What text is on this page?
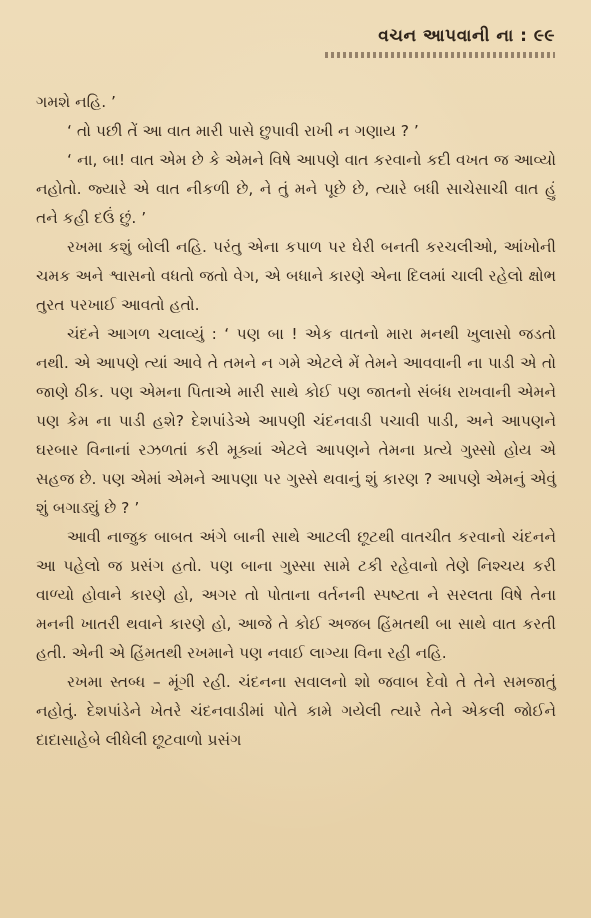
વચન આપવાની ના : ૯૯

ગમશે નહિ. ’

‘ તો પછી તેં આ વાત મારી પાસે છુપાવી રાખી ન ગણાય ? ’

‘ ના, બા! વાત એમ છે કે એમને વિષે આપણે વાત કરવાનો કદી વખત જ આવ્યો નહોતો. જ્યારે એ વાત નીકળી છે, ને તું મને પૂછે છે, ત્યારે બધી સાચેસાચી વાત હું તને કહી દઉં છું. ’

રખમા કશું બોલી નહિ. પરંતુ એના કપાળ પર ઘેરી બનતી કરચલીઓ, આંખોની ચમક અને શ્વાસનો વધતો જતો વેગ, એ બધાને કારણે એના દિલમાં ચાલી રહેલો ક્ષોભ તુરત પરખાઈ આવતો હતો.

ચંદને આગળ ચલાવ્યું : ‘ પણ બા ! એક વાતનો મારા મનથી ખુલાસો જડતો નથી. એ આપણે ત્યાં આવે તે તમને ન ગમે એટલે મેં તેમને આવવાની ના પાડી એ તો જાણે ઠીક. પણ એમના પિતાએ મારી સાથે કોઈ પણ જાતનો સંબંધ રાખવાની એમને પણ કેમ ના પાડી હશે? દેશપાંડેએ આપણી ચંદનવાડી પચાવી પાડી, અને આપણને ઘરબાર વિનાનાં રઝળતાં કરી મૂક્યાં એટલે આપણને તેમના પ્રત્યે ગુસ્સો હોય એ સહજ છે. પણ એમાં એમને આપણા પર ગુસ્સે થવાનું શું કારણ ? આપણે એમનું એવું શું બગાડ્યું છે ? ’

આવી નાજુક બાબત અંગે બાની સાથે આટલી છૂટથી વાતચીત કરવાનો ચંદનને આ પહેલો જ પ્રસંગ હતો. પણ બાના ગુસ્સા સામે ટકી રહેવાનો તેણે નિશ્ચય કરી વાળ્યો હોવાને કારણે હો, અગર તો પોતાના વર્તનની સ્પષ્ટતા ને સરલતા વિષે તેના મનની ખાતરી થવાને કારણે હો, આજે તે કોઈ અજબ હિંમતથી બા સાથે વાત કરતી હતી. એની એ હિંમતથી રખમાને પણ નવાઈ લાગ્યા વિના રહી નહિ.

રખમા સ્તબ્ધ – મૂંગી રહી. ચંદનના સવાલનો શો જવાબ દેવો તે તેને સમજાતું નહોતું. દેશપાંડેને ખેતરે ચંદનવાડીમાં પોતે કામે ગયેલી ત્યારે તેને એકલી જોઈને દાદાસાહેબે લીધેલી છૂટવાળો પ્રસંગ
